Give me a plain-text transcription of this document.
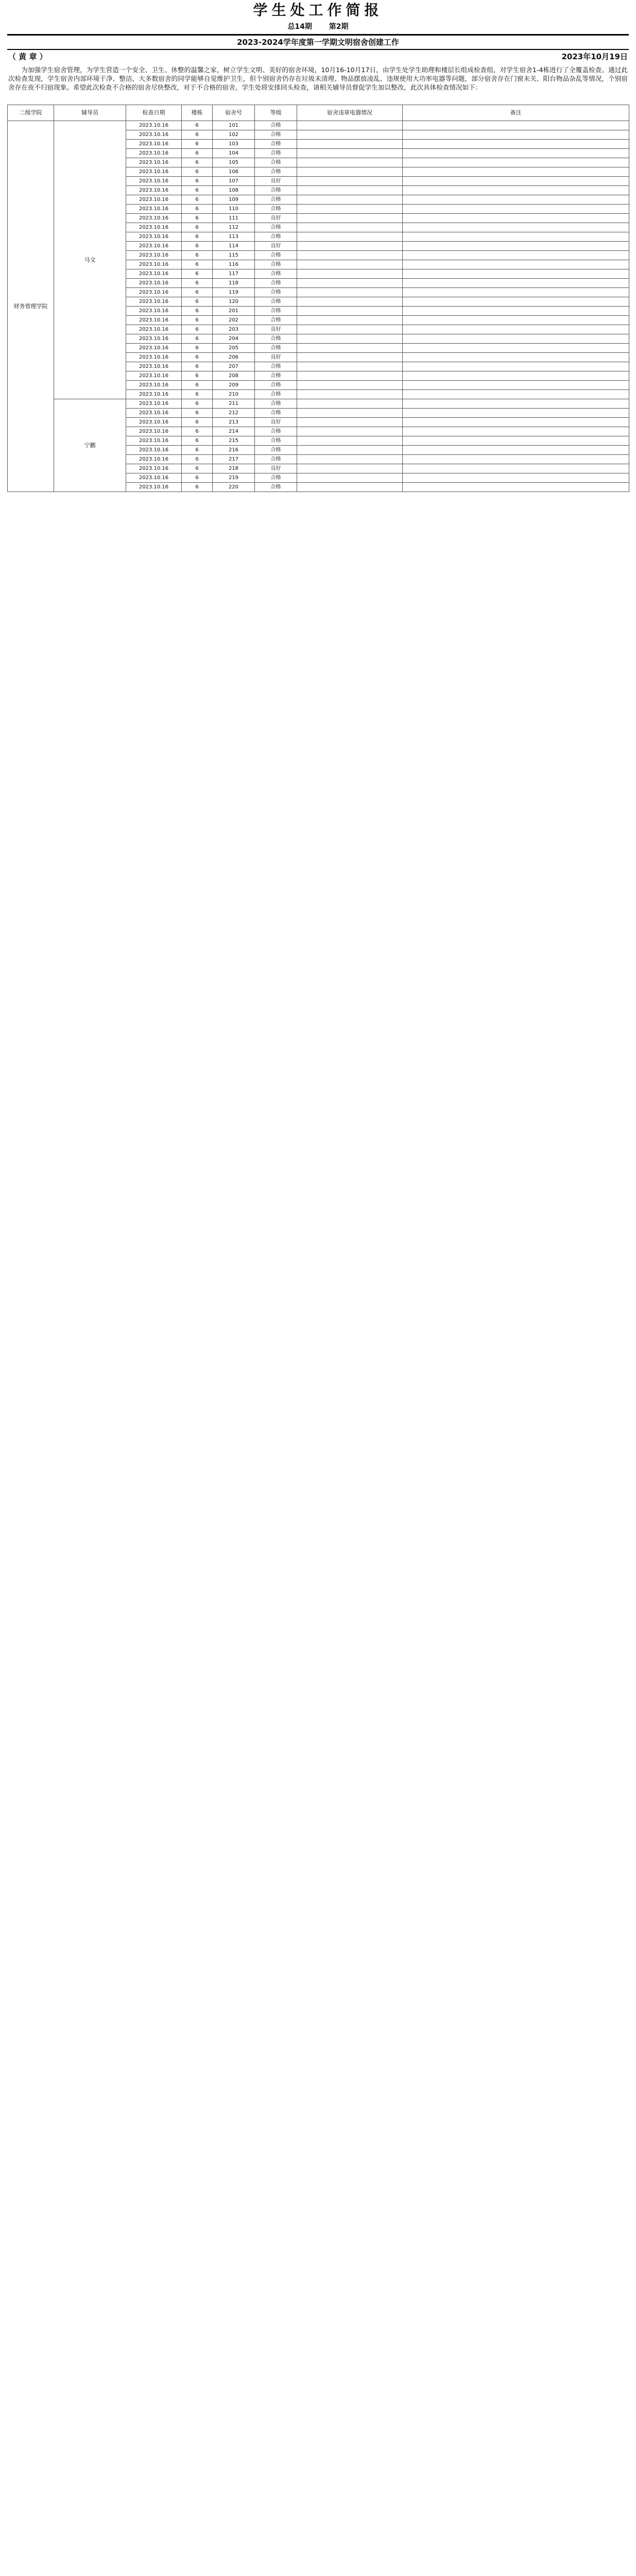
学生处工作简报
总14期 第2期
2023-2024学年度第一学期文明宿舍创建工作
（ 黄 章 ）	2023年10月19日
为加强学生宿舍管理，为学生营造一个安全、卫生、休整的温馨之家，树立学生文明、美好的宿舍环境，10月16-10月17日，由学生处学生助理和楼层长组成检查组，对学生宿舍1-4栋进行了全覆盖检查。通过此次检查发现，学生宿舍内部环境干净、整洁，大多数宿舍的同学能够自觉维护卫生，但个别宿舍仍存在垃圾未清理、物品摆放凌乱、违规使用大功率电器等问题，部分宿舍存在门窗未关、阳台物品杂乱等情况，个别宿舍存在夜不归宿现象。希望此次检查不合格的宿舍尽快整改，对于不合格的宿舍，学生处将安排回头检查，请相关辅导员督促学生加以整改，此次具体检查情况如下：
二级学院	辅导员	检查日期	楼栋	宿舍号	等级	宿舍违章电器情况	备注
财务管理学院	马文	2023.10.16	6	101	合格		
		2023.10.16	6	102	合格		
		2023.10.16	6	103	合格		
		2023.10.16	6	104	合格		
		2023.10.16	6	105	合格		
		2023.10.16	6	106	合格		
		2023.10.16	6	107	良好		
		2023.10.16	6	108	合格		
		2023.10.16	6	109	合格		
		2023.10.16	6	110	合格		
		2023.10.16	6	111	良好		
		2023.10.16	6	112	合格		
		2023.10.16	6	113	合格		
		2023.10.16	6	114	良好		
		2023.10.16	6	115	合格		
		2023.10.16	6	116	合格		
		2023.10.16	6	117	合格		
		2023.10.16	6	118	合格		
		2023.10.16	6	119	合格		
		2023.10.16	6	120	合格		
		2023.10.16	6	201	合格		
		2023.10.16	6	202	合格		
		2023.10.16	6	203	良好		
		2023.10.16	6	204	合格		
		2023.10.16	6	205	合格		
		2023.10.16	6	206	良好		
		2023.10.16	6	207	合格		
		2023.10.16	6	208	合格		
		2023.10.16	6	209	合格		
		2023.10.16	6	210	合格		
	宁鹏	2023.10.16	6	211	合格		
		2023.10.16	6	212	合格		
		2023.10.16	6	213	良好		
		2023.10.16	6	214	合格		
		2023.10.16	6	215	合格		
		2023.10.16	6	216	合格		
		2023.10.16	6	217	合格		
		2023.10.16	6	218	良好		
		2023.10.16	6	219	合格		
		2023.10.16	6	220	合格		
